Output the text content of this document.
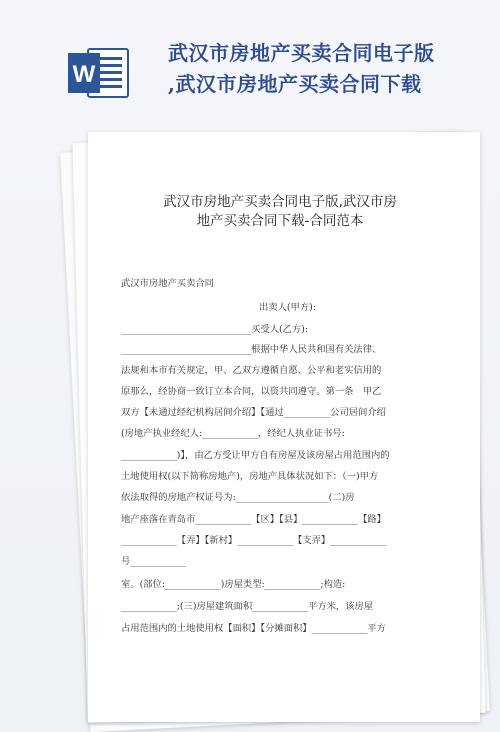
W
武汉市房地产买卖合同电子版
,武汉市房地产买卖合同下载
武汉市房地产买卖合同电子版,武汉市房
地产买卖合同下载-合同范本
武汉市房地产买卖合同
出卖人(甲方):
____________________________买受人(乙方):
____________________________根据中华人民共和国有关法律、
法规和本市有关规定，甲、乙双方遵循自愿、公平和老实信用的
原那么，经协商一致订立本合同，以资共同遵守。第一条　甲乙
双方【未通过经纪机构居间介绍】【通过__________公司居间介绍
(房地产执业经纪人:____________，经纪人执业证书号:
____________)】，由乙方受让甲方自有房屋及该房屋占用范围内的
土地使用权(以下简称房地产)，房地产具体状况如下：（一)甲方
依法取得的房地产权证号为:____________________(二)房
地产座落在青岛市____________【区】【县】____________【路】
____________【弄】【新村】____________【支弄】____________
号____________
室。(部位:____________)房屋类型:____________;构造:
____________;(三)房屋建筑面积____________平方米，该房屋
占用范围内的土地使用权【面积】【分摊面积】____________平方
